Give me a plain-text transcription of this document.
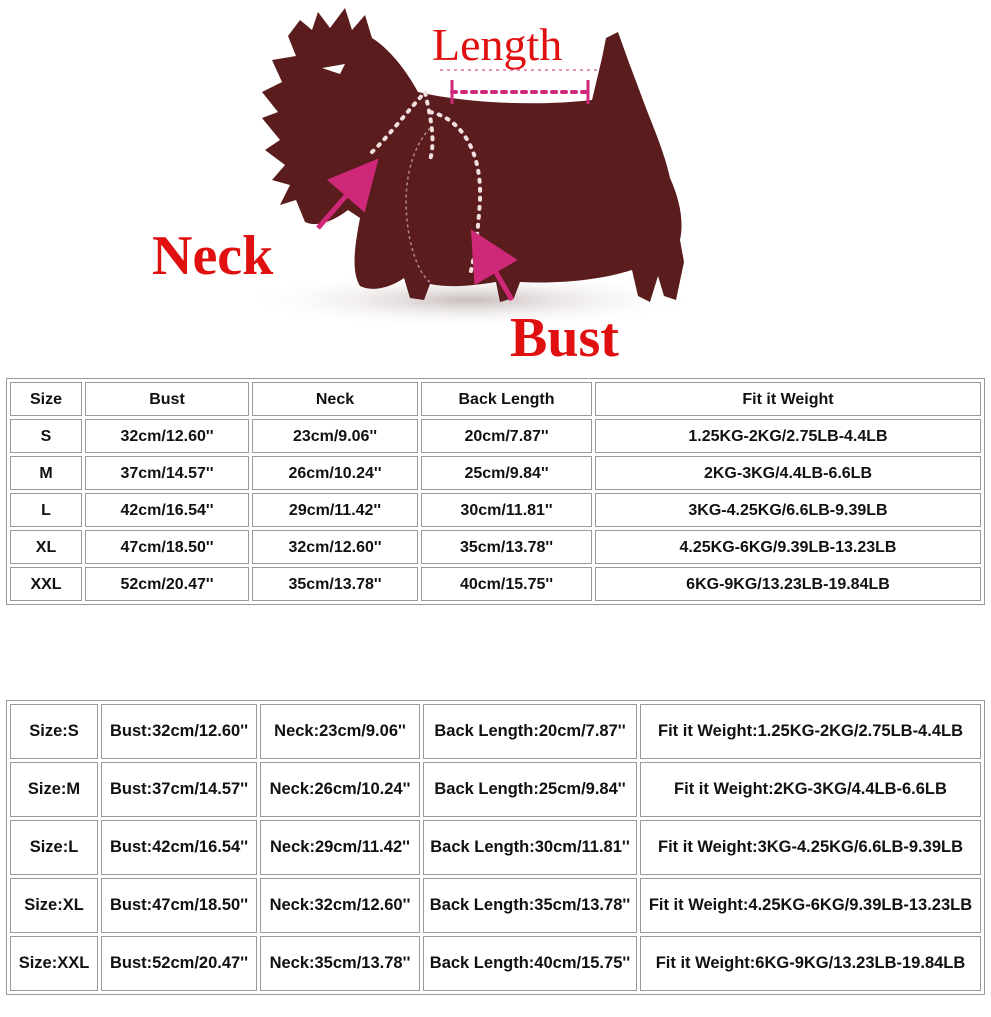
Length
Neck
Bust
Size	Bust	Neck	Back Length	Fit it Weight
S	32cm/12.60''	23cm/9.06''	20cm/7.87''	1.25KG-2KG/2.75LB-4.4LB
M	37cm/14.57''	26cm/10.24''	25cm/9.84''	2KG-3KG/4.4LB-6.6LB
L	42cm/16.54''	29cm/11.42''	30cm/11.81''	3KG-4.25KG/6.6LB-9.39LB
XL	47cm/18.50''	32cm/12.60''	35cm/13.78''	4.25KG-6KG/9.39LB-13.23LB
XXL	52cm/20.47''	35cm/13.78''	40cm/15.75''	6KG-9KG/13.23LB-19.84LB
Size:S	Bust:32cm/12.60''	Neck:23cm/9.06''	Back Length:20cm/7.87''	Fit it Weight:1.25KG-2KG/2.75LB-4.4LB
Size:M	Bust:37cm/14.57''	Neck:26cm/10.24''	Back Length:25cm/9.84''	Fit it Weight:2KG-3KG/4.4LB-6.6LB
Size:L	Bust:42cm/16.54''	Neck:29cm/11.42''	Back Length:30cm/11.81''	Fit it Weight:3KG-4.25KG/6.6LB-9.39LB
Size:XL	Bust:47cm/18.50''	Neck:32cm/12.60''	Back Length:35cm/13.78''	Fit it Weight:4.25KG-6KG/9.39LB-13.23LB
Size:XXL	Bust:52cm/20.47''	Neck:35cm/13.78''	Back Length:40cm/15.75''	Fit it Weight:6KG-9KG/13.23LB-19.84LB
